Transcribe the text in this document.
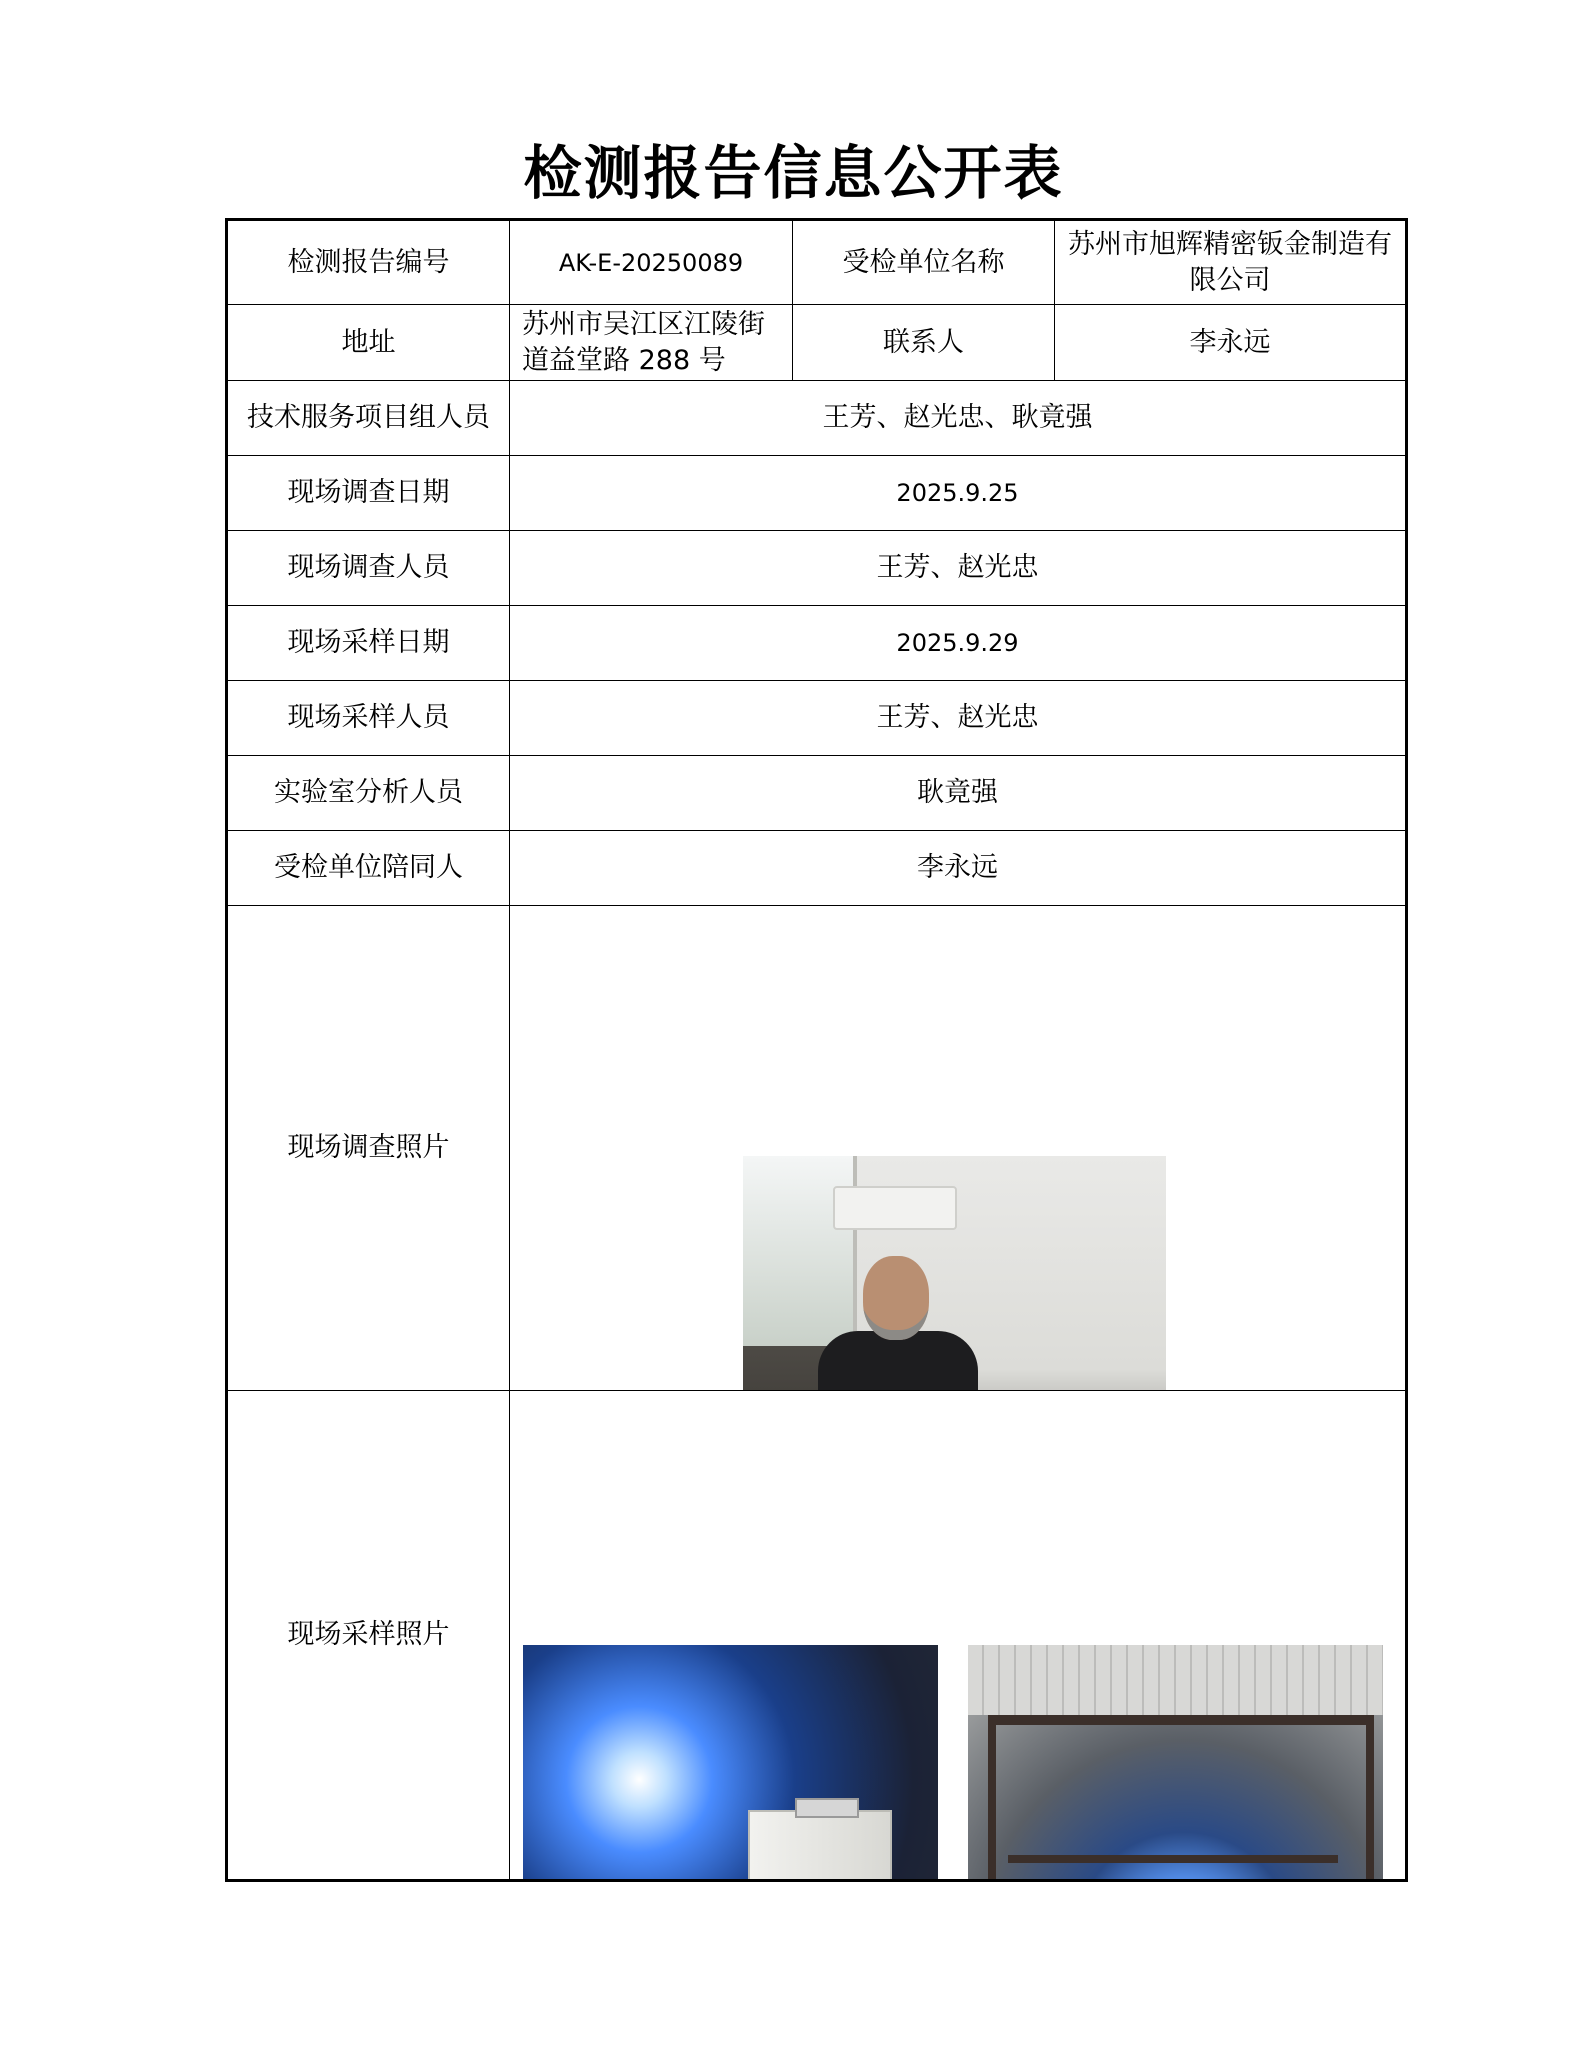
检测报告信息公开表
检测报告编号	AK-E-20250089	受检单位名称	苏州市旭辉精密钣金制造有限公司
地址	苏州市吴江区江陵街道益堂路 288 号	联系人	李永远
技术服务项目组人员	王芳、赵光忠、耿竟强		
现场调查日期	2025.9.25		
现场调查人员	王芳、赵光忠		
现场采样日期	2025.9.29		
现场采样人员	王芳、赵光忠		
实验室分析人员	耿竟强		
受检单位陪同人	李永远		
现场调查照片			

现场采样照片			
